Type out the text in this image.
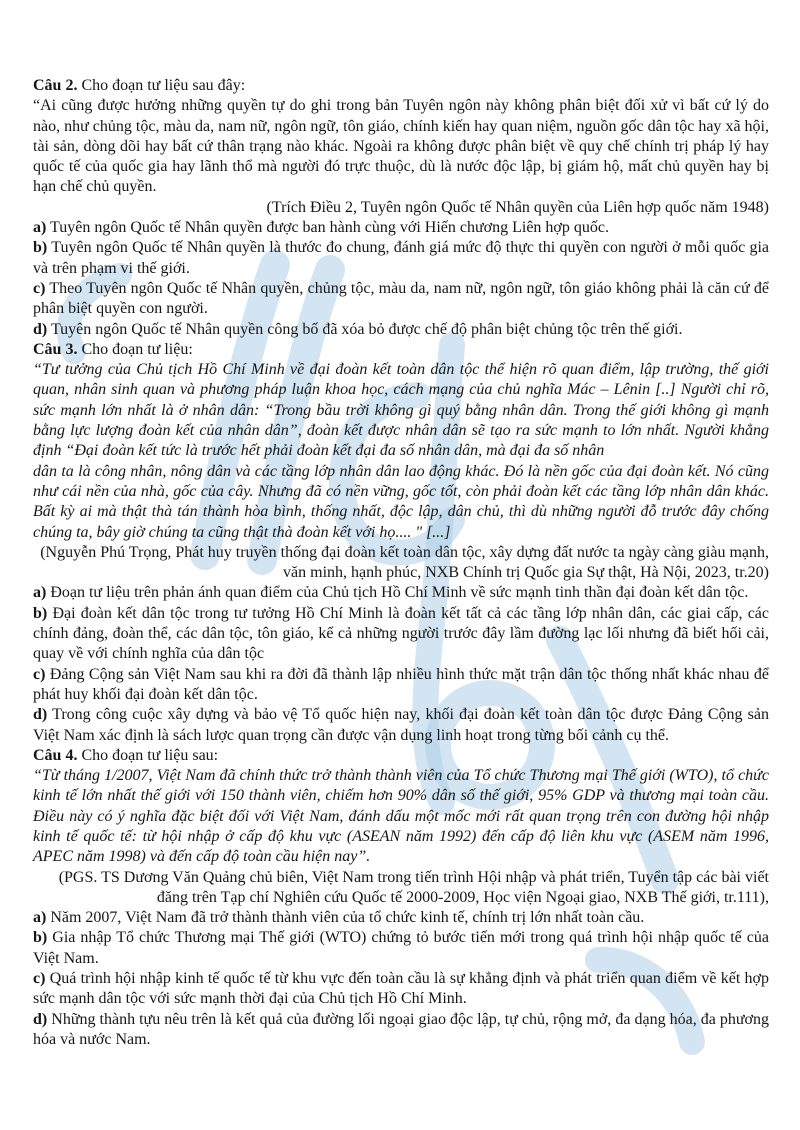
Câu 2. Cho đoạn tư liệu sau đây:

“Ai cũng được hưởng những quyền tự do ghi trong bản Tuyên ngôn này không phân biệt đối xử vì bất cứ lý do nào, như chủng tộc, màu da, nam nữ, ngôn ngữ, tôn giáo, chính kiến hay quan niệm, nguồn gốc dân tộc hay xã hội, tài sản, dòng dõi hay bất cứ thân trạng nào khác. Ngoài ra không được phân biệt về quy chế chính trị pháp lý hay quốc tế của quốc gia hay lãnh thổ mà người đó trực thuộc, dù là nước độc lập, bị giám hộ, mất chủ quyền hay bị hạn chế chủ quyền.

(Trích Điều 2, Tuyên ngôn Quốc tế Nhân quyền của Liên hợp quốc năm 1948)

a) Tuyên ngôn Quốc tế Nhân quyền được ban hành cùng với Hiến chương Liên hợp quốc.

b) Tuyên ngôn Quốc tế Nhân quyền là thước đo chung, đánh giá mức độ thực thi quyền con người ở mỗi quốc gia và trên phạm vi thế giới.

c) Theo Tuyên ngôn Quốc tế Nhân quyền, chủng tộc, màu da, nam nữ, ngôn ngữ, tôn giáo không phải là căn cứ để phân biệt quyền con người.

d) Tuyên ngôn Quốc tế Nhân quyền công bố đã xóa bỏ được chế độ phân biệt chủng tộc trên thế giới.

Câu 3. Cho đoạn tư liệu:

“Tư tưởng của Chủ tịch Hồ Chí Minh về đại đoàn kết toàn dân tộc thể hiện rõ quan điểm, lập trường, thế giới quan, nhân sinh quan và phương pháp luận khoa học, cách mạng của chủ nghĩa Mác – Lênin [..] Người chỉ rõ, sức mạnh lớn nhất là ở nhân dân: “Trong bầu trời không gì quý bằng nhân dân. Trong thế giới không gì mạnh bằng lực lượng đoàn kết của nhân dân”, đoàn kết được nhân dân sẽ tạo ra sức mạnh to lớn nhất. Người khẳng định “Đại đoàn kết tức là trước hết phải đoàn kết đại đa số nhân dân, mà đại đa số nhân

dân ta là công nhân, nông dân và các tầng lớp nhân dân lao động khác. Đó là nền gốc của đại đoàn kết. Nó cũng như cái nền của nhà, gốc của cây. Nhưng đã có nền vững, gốc tốt, còn phải đoàn kết các tầng lớp nhân dân khác. Bất kỳ ai mà thật thà tán thành hòa bình, thống nhất, độc lập, dân chủ, thì dù những người đỗ trước đây chống chúng ta, bây giờ chúng ta cũng thật thà đoàn kết với họ.... " [...]

(Nguyễn Phú Trọng, Phát huy truyền thống đại đoàn kết toàn dân tộc, xây dựng đất nước ta ngày càng giàu mạnh, văn minh, hạnh phúc, NXB Chính trị Quốc gia Sự thật, Hà Nội, 2023, tr.20)

a) Đoạn tư liệu trên phản ánh quan điểm của Chủ tịch Hồ Chí Minh về sức mạnh tinh thần đại đoàn kết dân tộc.

b) Đại đoàn kết dân tộc trong tư tưởng Hồ Chí Minh là đoàn kết tất cả các tầng lớp nhân dân, các giai cấp, các chính đảng, đoàn thể, các dân tộc, tôn giáo, kể cả những người trước đây lầm đường lạc lối nhưng đã biết hối cải, quay về với chính nghĩa của dân tộc

c) Đảng Cộng sản Việt Nam sau khi ra đời đã thành lập nhiều hình thức mặt trận dân tộc thống nhất khác nhau để phát huy khối đại đoàn kết dân tộc.

d) Trong công cuộc xây dựng và bảo vệ Tổ quốc hiện nay, khối đại đoàn kết toàn dân tộc được Đảng Cộng sản Việt Nam xác định là sách lược quan trọng cần được vận dụng linh hoạt trong từng bối cảnh cụ thể.

Câu 4. Cho đoạn tư liệu sau:

“Từ tháng 1/2007, Việt Nam đã chính thức trở thành thành viên của Tổ chức Thương mại Thế giới (WTO), tổ chức kinh tế lớn nhất thế giới với 150 thành viên, chiếm hơn 90% dân số thế giới, 95% GDP và thương mại toàn cầu. Điều này có ý nghĩa đặc biệt đối với Việt Nam, đánh dấu một mốc mới rất quan trọng trên con đường hội nhập kinh tế quốc tế: từ hội nhập ở cấp độ khu vực (ASEAN năm 1992) đến cấp độ liên khu vực (ASEM năm 1996, APEC năm 1998) và đến cấp độ toàn cầu hiện nay”.

(PGS. TS Dương Văn Quảng chủ biên, Việt Nam trong tiến trình Hội nhập và phát triển, Tuyển tập các bài viết đăng trên Tạp chí Nghiên cứu Quốc tế 2000-2009, Học viện Ngoại giao, NXB Thế giới, tr.111),

a) Năm 2007, Việt Nam đã trở thành thành viên của tổ chức kinh tế, chính trị lớn nhất toàn cầu.

b) Gia nhập Tổ chức Thương mại Thế giới (WTO) chứng tỏ bước tiến mới trong quá trình hội nhập quốc tế của Việt Nam.

c) Quá trình hội nhập kinh tế quốc tế từ khu vực đến toàn cầu là sự khẳng định và phát triển quan điểm về kết hợp sức mạnh dân tộc với sức mạnh thời đại của Chủ tịch Hồ Chí Minh.

d) Những thành tựu nêu trên là kết quả của đường lối ngoại giao độc lập, tự chủ, rộng mở, đa dạng hóa, đa phương hóa và nước Nam.
